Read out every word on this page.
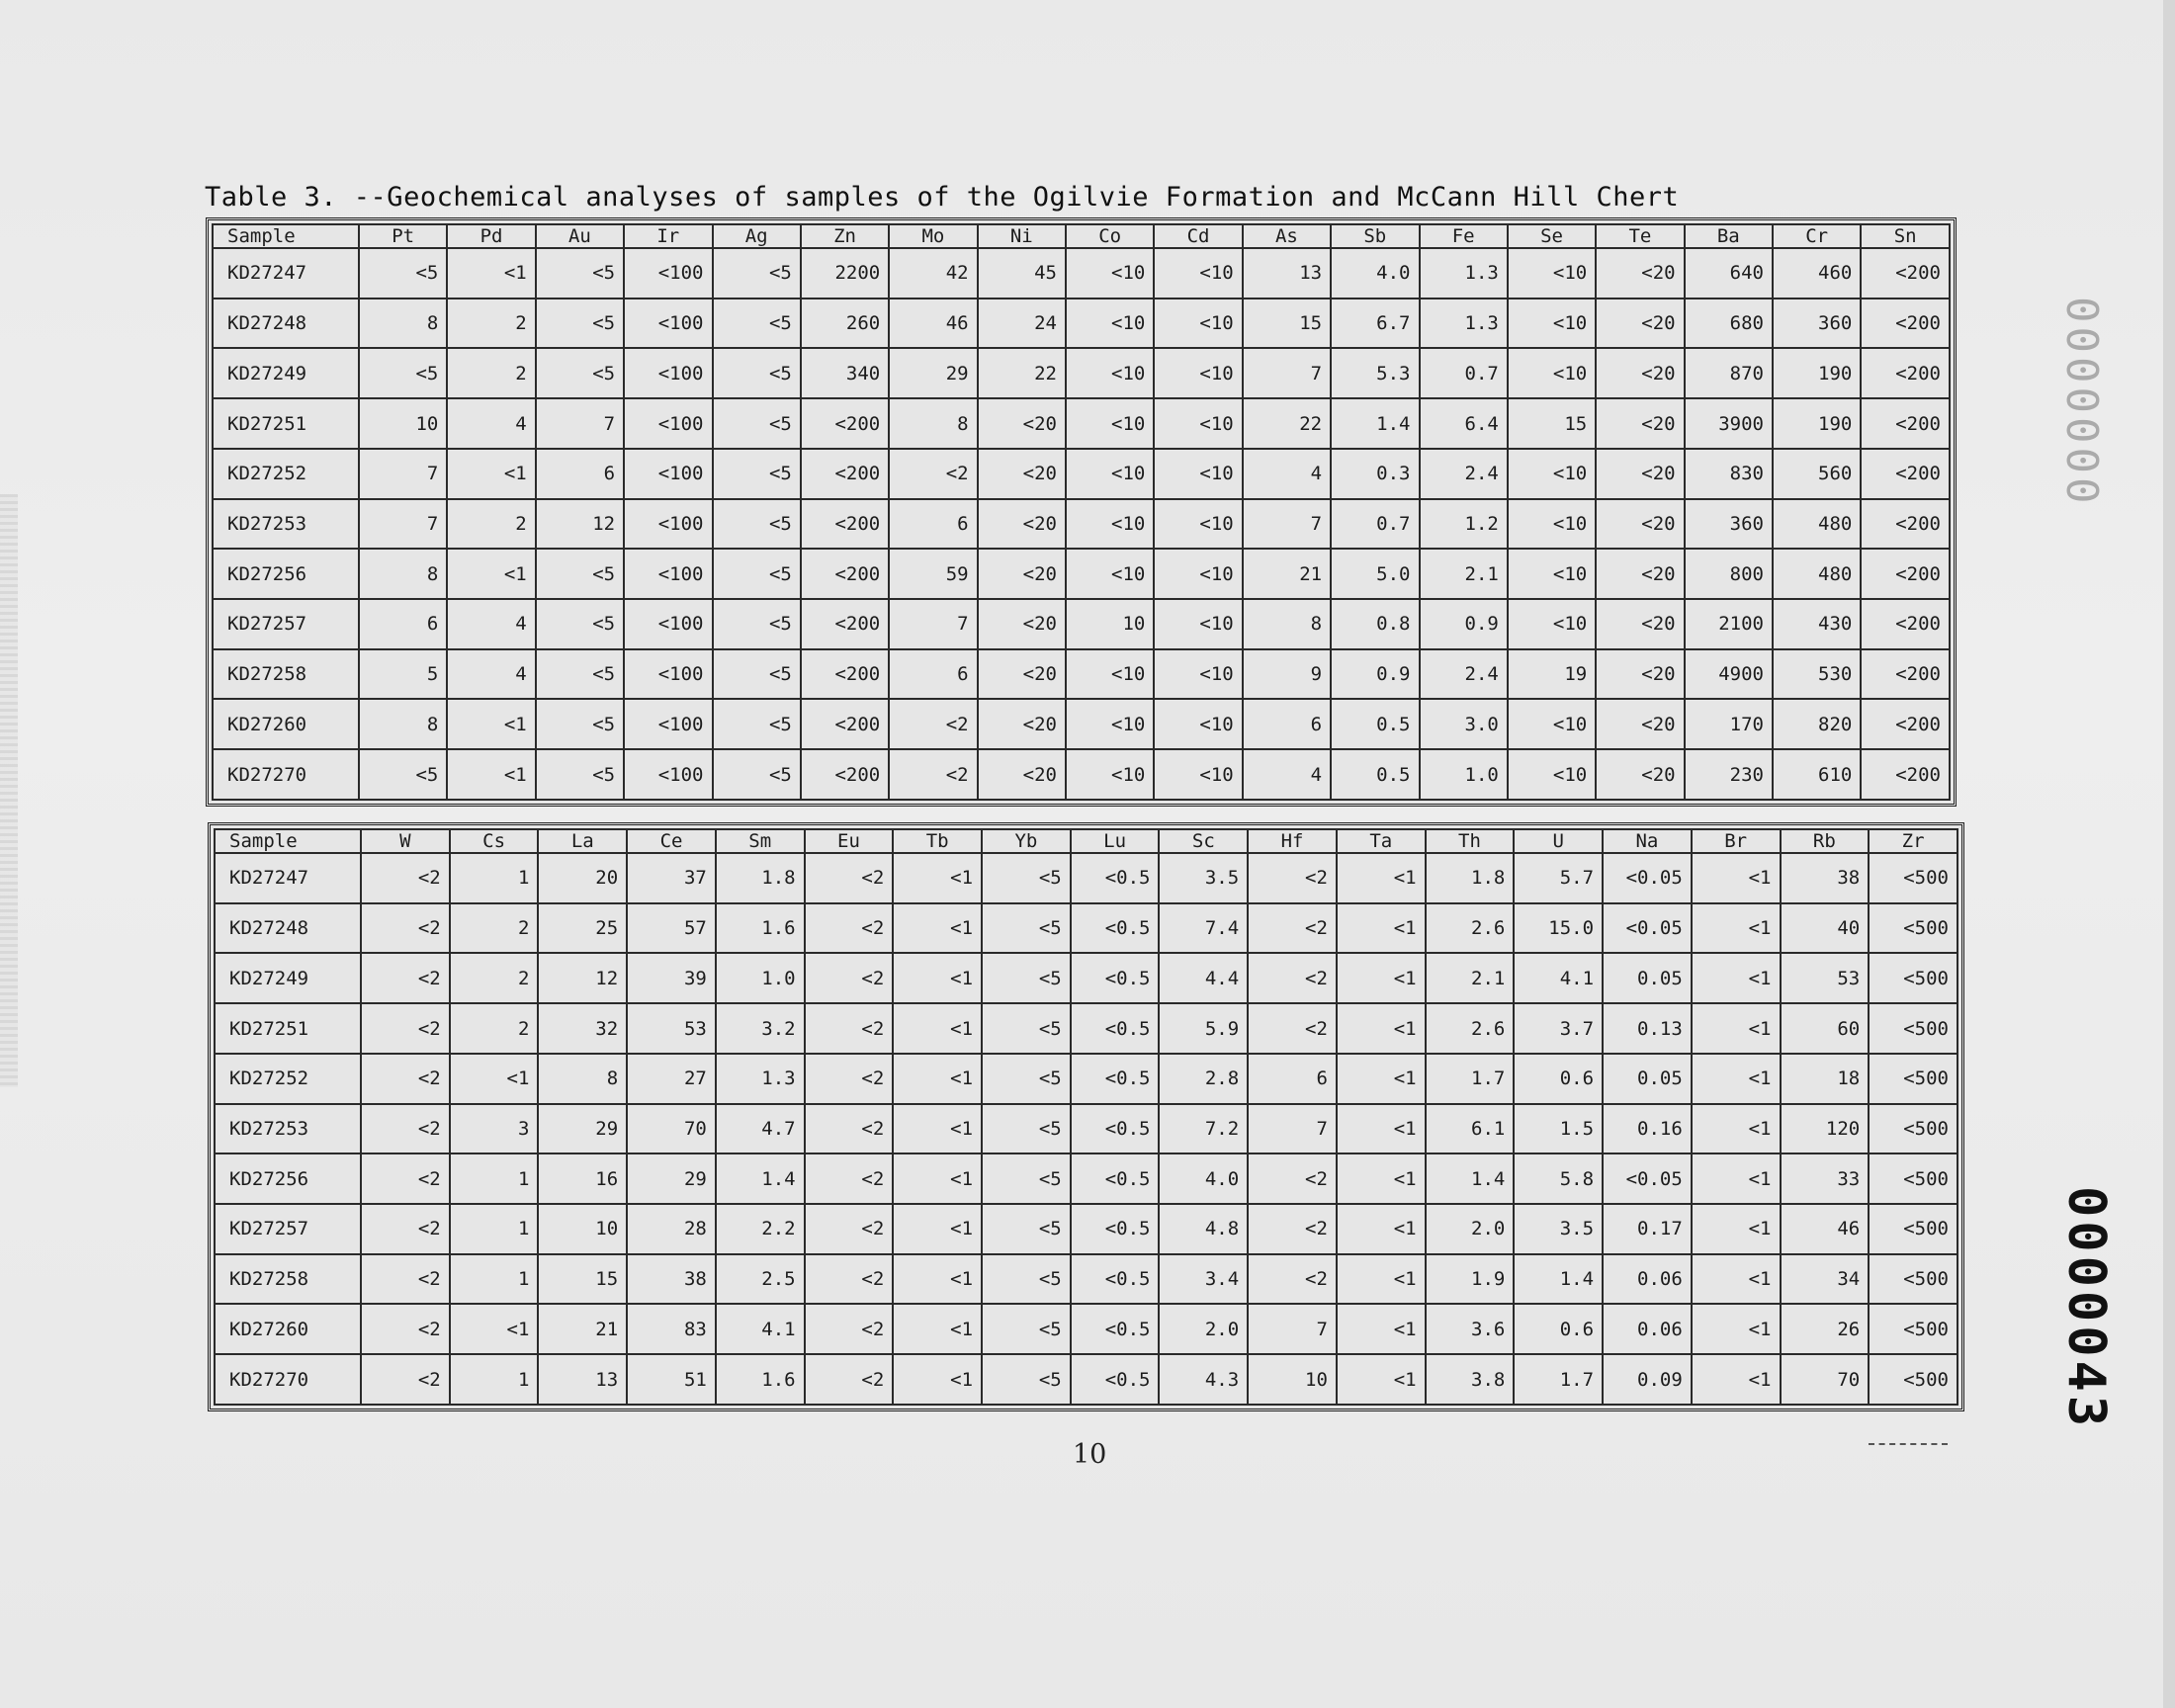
Table 3. --Geochemical analyses of samples of the Ogilvie Formation and McCann Hill Chert
Sample	Pt	Pd	Au	Ir	Ag	Zn	Mo	Ni	Co	Cd	As	Sb	Fe	Se	Te	Ba	Cr	Sn
KD27247	<5	<1	<5	<100	<5	2200	42	45	<10	<10	13	4.0	1.3	<10	<20	640	460	<200
KD27248	8	2	<5	<100	<5	260	46	24	<10	<10	15	6.7	1.3	<10	<20	680	360	<200
KD27249	<5	2	<5	<100	<5	340	29	22	<10	<10	7	5.3	0.7	<10	<20	870	190	<200
KD27251	10	4	7	<100	<5	<200	8	<20	<10	<10	22	1.4	6.4	15	<20	3900	190	<200
KD27252	7	<1	6	<100	<5	<200	<2	<20	<10	<10	4	0.3	2.4	<10	<20	830	560	<200
KD27253	7	2	12	<100	<5	<200	6	<20	<10	<10	7	0.7	1.2	<10	<20	360	480	<200
KD27256	8	<1	<5	<100	<5	<200	59	<20	<10	<10	21	5.0	2.1	<10	<20	800	480	<200
KD27257	6	4	<5	<100	<5	<200	7	<20	10	<10	8	0.8	0.9	<10	<20	2100	430	<200
KD27258	5	4	<5	<100	<5	<200	6	<20	<10	<10	9	0.9	2.4	19	<20	4900	530	<200
KD27260	8	<1	<5	<100	<5	<200	<2	<20	<10	<10	6	0.5	3.0	<10	<20	170	820	<200
KD27270	<5	<1	<5	<100	<5	<200	<2	<20	<10	<10	4	0.5	1.0	<10	<20	230	610	<200
Sample	W	Cs	La	Ce	Sm	Eu	Tb	Yb	Lu	Sc	Hf	Ta	Th	U	Na	Br	Rb	Zr
KD27247	<2	1	20	37	1.8	<2	<1	<5	<0.5	3.5	<2	<1	1.8	5.7	<0.05	<1	38	<500
KD27248	<2	2	25	57	1.6	<2	<1	<5	<0.5	7.4	<2	<1	2.6	15.0	<0.05	<1	40	<500
KD27249	<2	2	12	39	1.0	<2	<1	<5	<0.5	4.4	<2	<1	2.1	4.1	0.05	<1	53	<500
KD27251	<2	2	32	53	3.2	<2	<1	<5	<0.5	5.9	<2	<1	2.6	3.7	0.13	<1	60	<500
KD27252	<2	<1	8	27	1.3	<2	<1	<5	<0.5	2.8	6	<1	1.7	0.6	0.05	<1	18	<500
KD27253	<2	3	29	70	4.7	<2	<1	<5	<0.5	7.2	7	<1	6.1	1.5	0.16	<1	120	<500
KD27256	<2	1	16	29	1.4	<2	<1	<5	<0.5	4.0	<2	<1	1.4	5.8	<0.05	<1	33	<500
KD27257	<2	1	10	28	2.2	<2	<1	<5	<0.5	4.8	<2	<1	2.0	3.5	0.17	<1	46	<500
KD27258	<2	1	15	38	2.5	<2	<1	<5	<0.5	3.4	<2	<1	1.9	1.4	0.06	<1	34	<500
KD27260	<2	<1	21	83	4.1	<2	<1	<5	<0.5	2.0	7	<1	3.6	0.6	0.06	<1	26	<500
KD27270	<2	1	13	51	1.6	<2	<1	<5	<0.5	4.3	10	<1	3.8	1.7	0.09	<1	70	<500
10
0000000
0000043
